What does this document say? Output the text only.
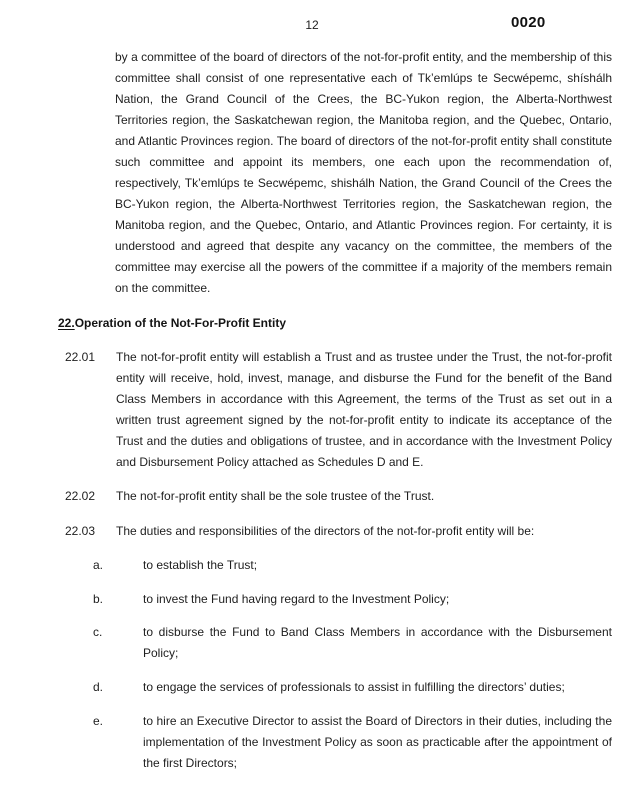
12	0020

by a committee of the board of directors of the not-for-profit entity, and the membership of this committee shall consist of one representative each of Tk’emlúps te Secwépemc, shíshálh Nation, the Grand Council of the Crees, the BC-Yukon region, the Alberta-Northwest Territories region, the Saskatchewan region, the Manitoba region, and the Quebec, Ontario, and Atlantic Provinces region. The board of directors of the not-for-profit entity shall constitute such committee and appoint its members, one each upon the recommendation of, respectively, Tk’emlúps te Secwépemc, shishálh Nation, the Grand Council of the Crees the BC-Yukon region, the Alberta-Northwest Territories region, the Saskatchewan region, the Manitoba region, and the Quebec, Ontario, and Atlantic Provinces region. For certainty, it is understood and agreed that despite any vacancy on the committee, the members of the committee may exercise all the powers of the committee if a majority of the members remain on the committee.

22.Operation of the Not-For-Profit Entity
22.01 The not-for-profit entity will establish a Trust and as trustee under the Trust, the not-for-profit entity will receive, hold, invest, manage, and disburse the Fund for the benefit of the Band Class Members in accordance with this Agreement, the terms of the Trust as set out in a written trust agreement signed by the not-for-profit entity to indicate its acceptance of the Trust and the duties and obligations of trustee, and in accordance with the Investment Policy and Disbursement Policy attached as Schedules D and E.

22.02 The not-for-profit entity shall be the sole trustee of the Trust.

22.03 The duties and responsibilities of the directors of the not-for-profit entity will be:

a.	to establish the Trust;

b.	to invest the Fund having regard to the Investment Policy;

c.	to disburse the Fund to Band Class Members in accordance with the Disbursement Policy;

d.	to engage the services of professionals to assist in fulfilling the directors’ duties;

e.	to hire an Executive Director to assist the Board of Directors in their duties, including the implementation of the Investment Policy as soon as practicable after the appointment of the first Directors;
